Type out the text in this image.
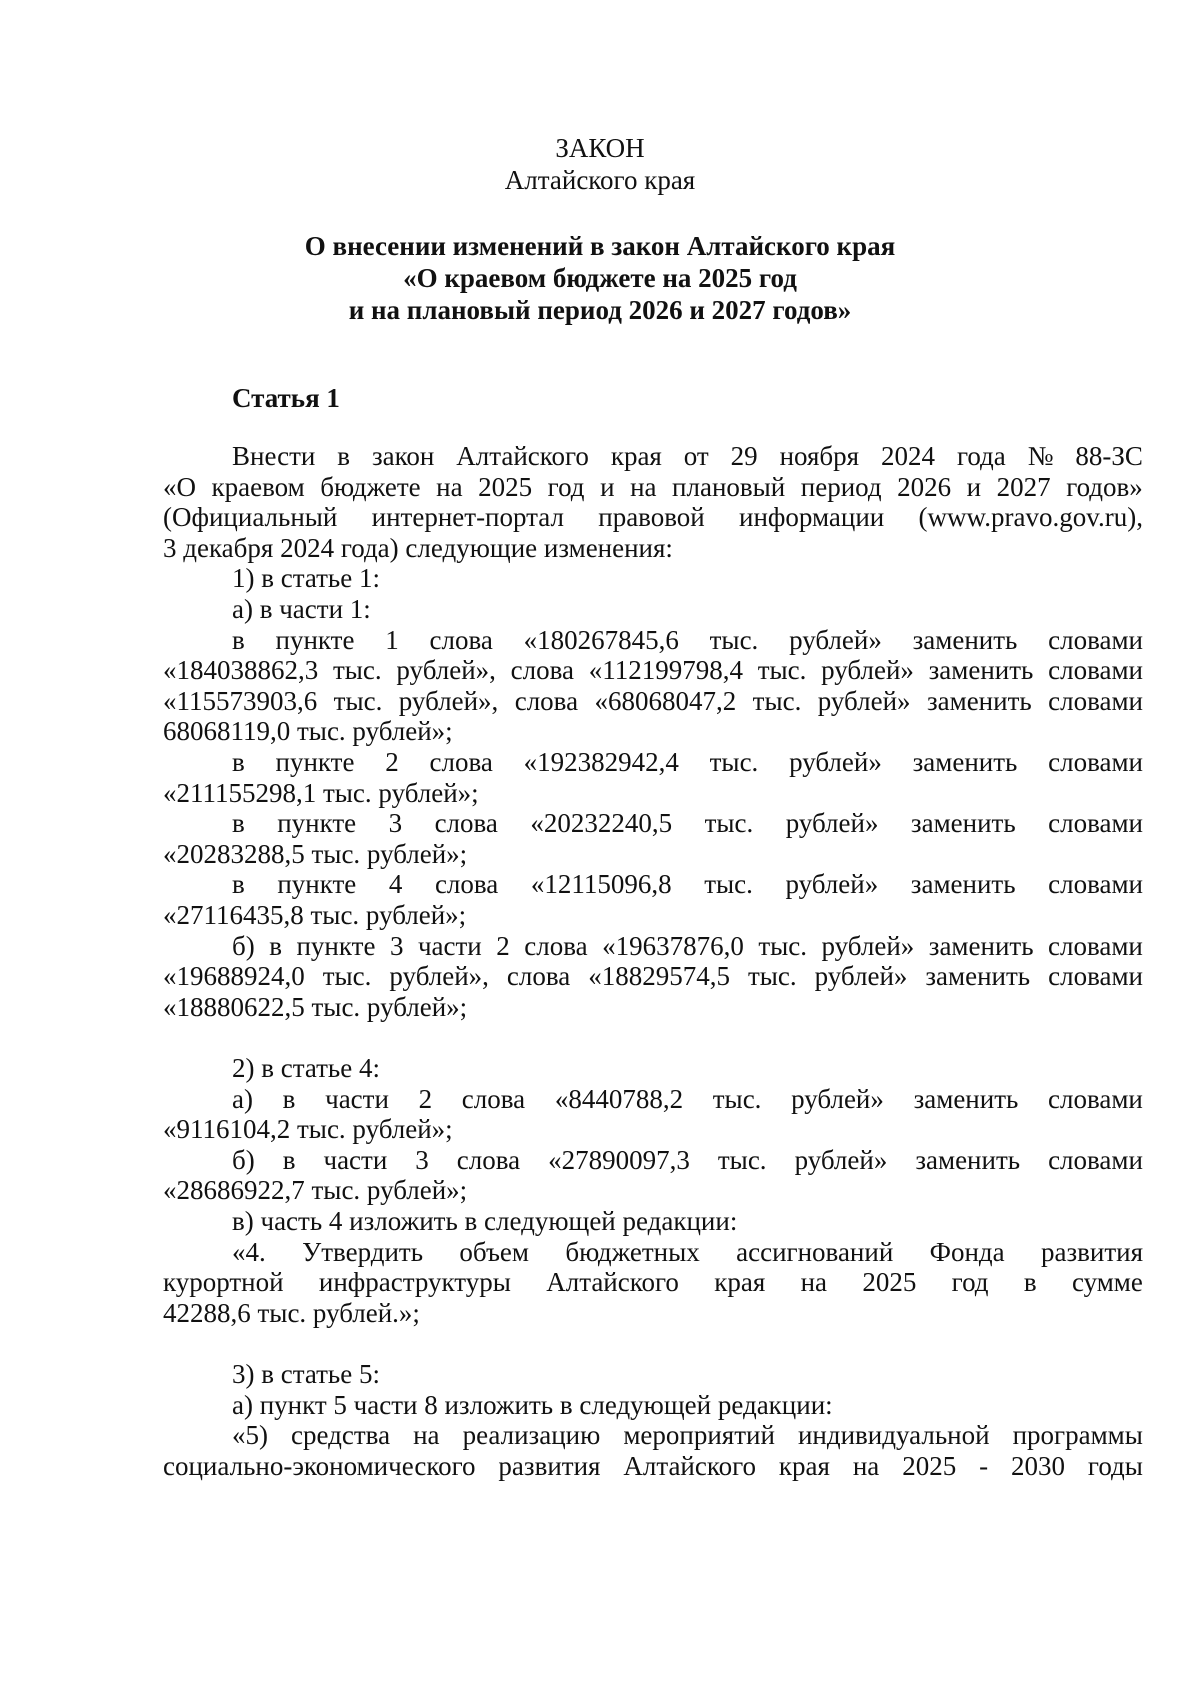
ЗАКОН
Алтайского края
О внесении изменений в закон Алтайского края
«О краевом бюджете на 2025 год
и на плановый период 2026 и 2027 годов»
Статья 1
Внести в закон Алтайского края от 29 ноября 2024 года № 88-ЗС
«О краевом бюджете на 2025 год и на плановый период 2026 и 2027 годов»
(Официальный интернет-портал правовой информации (www.pravo.gov.ru),
3 декабря 2024 года) следующие изменения:
1) в статье 1:
а) в части 1:
в пункте 1 слова «180267845,6 тыс. рублей» заменить словами
«184038862,3 тыс. рублей», слова «112199798,4 тыс. рублей» заменить словами
«115573903,6 тыс. рублей», слова «68068047,2 тыс. рублей» заменить словами
68068119,0 тыс. рублей»;
в пункте 2 слова «192382942,4 тыс. рублей» заменить словами
«211155298,1 тыс. рублей»;
в пункте 3 слова «20232240,5 тыс. рублей» заменить словами
«20283288,5 тыс. рублей»;
в пункте 4 слова «12115096,8 тыс. рублей» заменить словами
«27116435,8 тыс. рублей»;
б) в пункте 3 части 2 слова «19637876,0 тыс. рублей» заменить словами
«19688924,0 тыс. рублей», слова «18829574,5 тыс. рублей» заменить словами
«18880622,5 тыс. рублей»;
2) в статье 4:
а) в части 2 слова «8440788,2 тыс. рублей» заменить словами
«9116104,2 тыс. рублей»;
б) в части 3 слова «27890097,3 тыс. рублей» заменить словами
«28686922,7 тыс. рублей»;
в) часть 4 изложить в следующей редакции:
«4. Утвердить объем бюджетных ассигнований Фонда развития
курортной инфраструктуры Алтайского края на 2025 год в сумме
42288,6 тыс. рублей.»;
3) в статье 5:
а) пункт 5 части 8 изложить в следующей редакции:
«5) средства на реализацию мероприятий индивидуальной программы
социально-экономического развития Алтайского края на 2025 - 2030 годы
